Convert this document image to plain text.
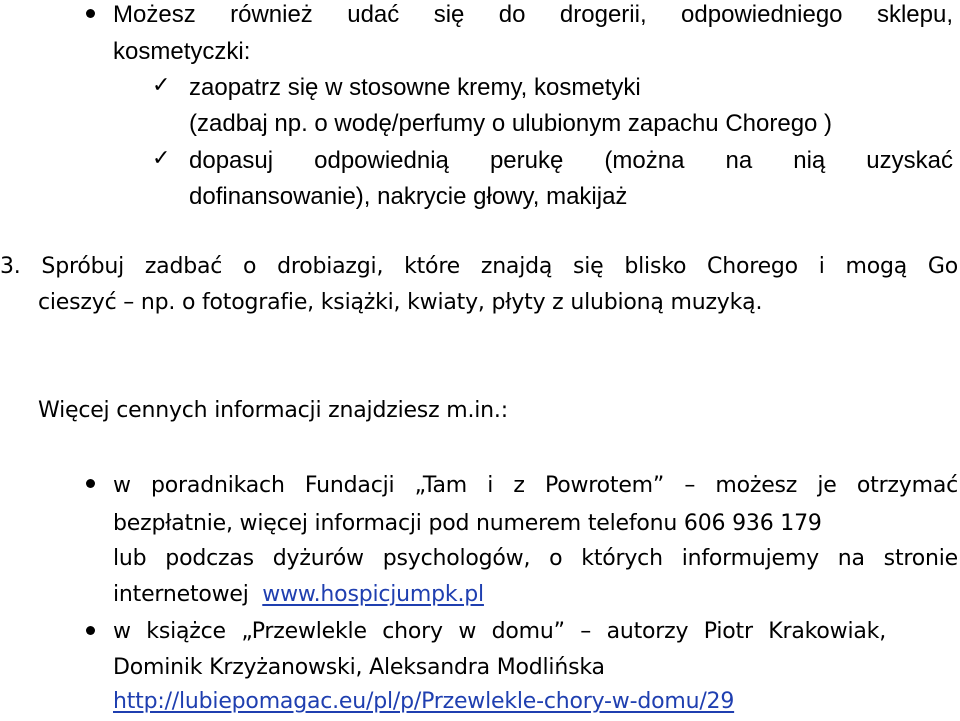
Możesz również udać się do drogerii, odpowiedniego sklepu,
kosmetyczki:
✓ zaopatrz się w stosowne kremy, kosmetyki
(zadbaj np. o wodę/perfumy o ulubionym zapachu Chorego )
✓ dopasuj odpowiednią perukę (można na nią uzyskać
dofinansowanie), nakrycie głowy, makijaż
3. Spróbuj zadbać o drobiazgi, które znajdą się blisko Chorego i mogą Go
cieszyć – np. o fotografie, książki, kwiaty, płyty z ulubioną muzyką.
Więcej cennych informacji znajdziesz m.in.:
w poradnikach Fundacji „Tam i z Powrotem” – możesz je otrzymać
bezpłatnie, więcej informacji pod numerem telefonu 606 936 179
lub podczas dyżurów psychologów, o których informujemy na stronie
internetowej  www.hospicjumpk.pl
w książce „Przewlekle chory w domu” – autorzy Piotr Krakowiak,
Dominik Krzyżanowski, Aleksandra Modlińska
http://lubiepomagac.eu/pl/p/Przewlekle-chory-w-domu/29
